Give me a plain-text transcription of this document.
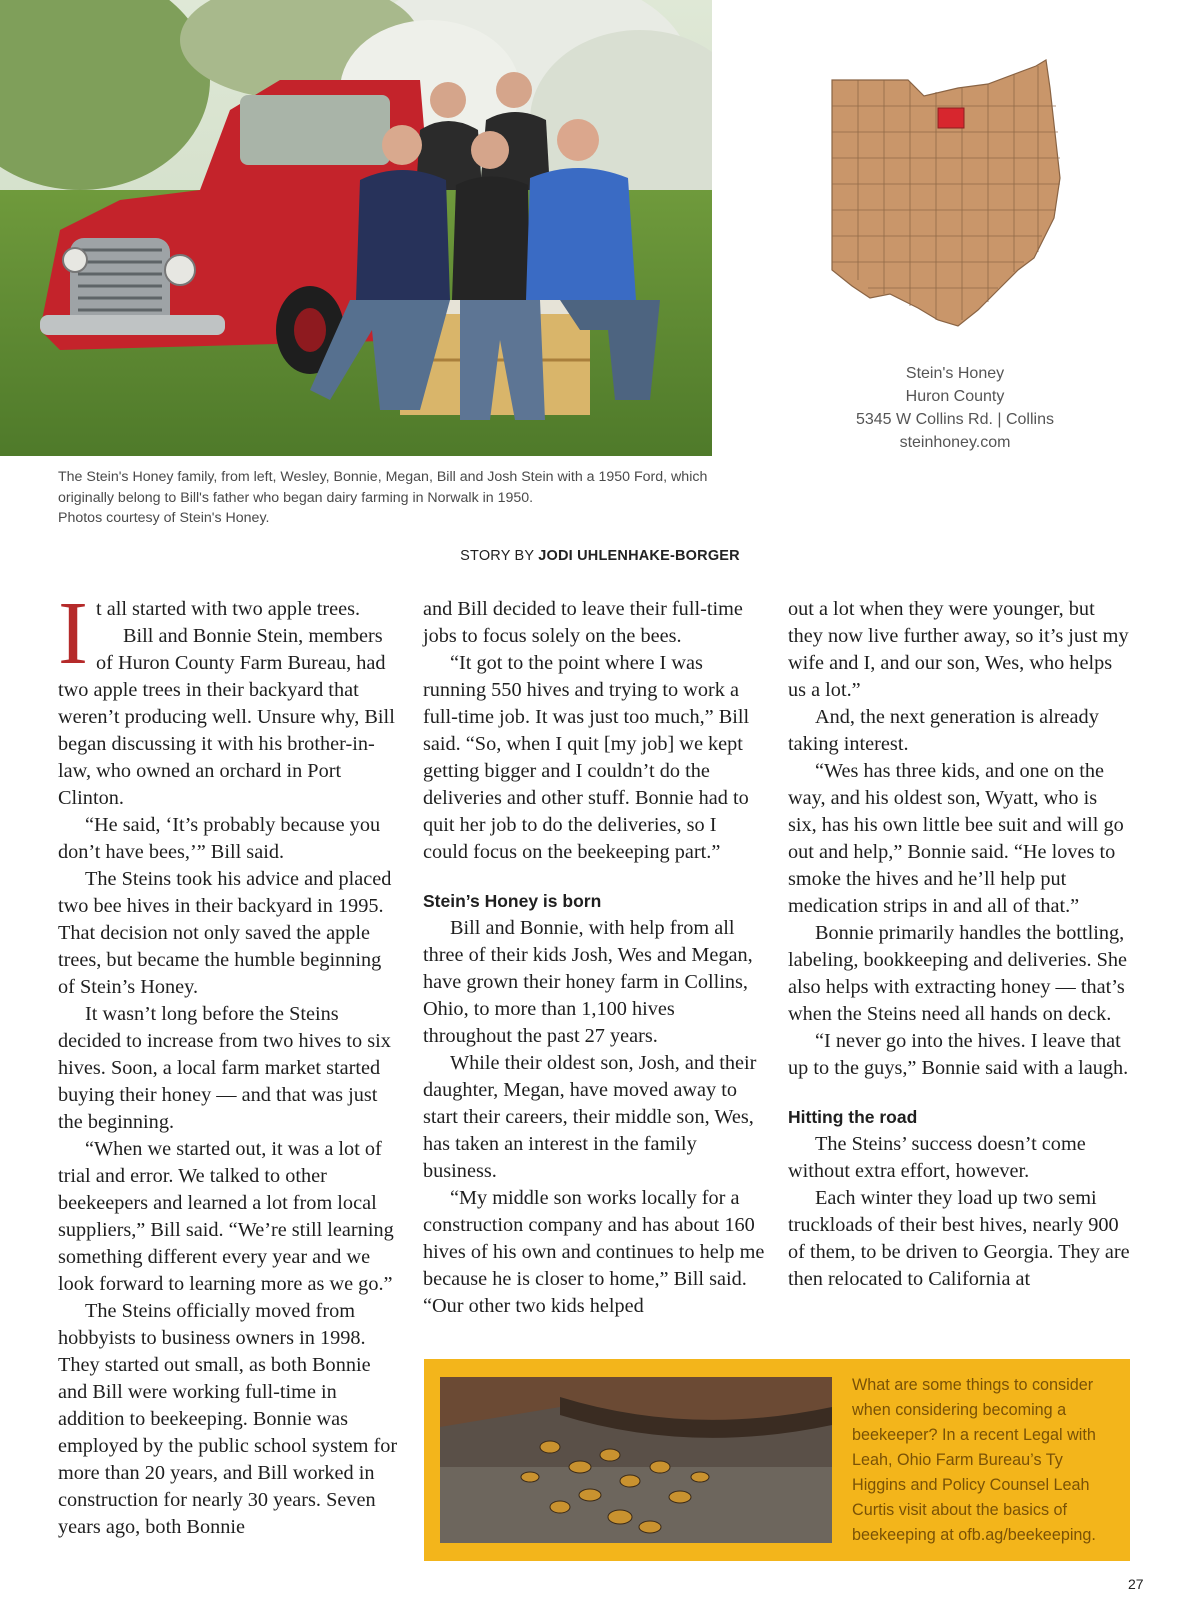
Stein's Honey
Huron County
5345 W Collins Rd. | Collins
steinhoney.com
The Stein's Honey family, from left, Wesley, Bonnie, Megan, Bill and Josh Stein with a 1950 Ford, which
originally belong to Bill's father who began dairy farming in Norwalk in 1950.
Photos courtesy of Stein's Honey.
STORY BY JODI UHLENHAKE-BORGER

It all started with two apple trees.
Bill and Bonnie Stein, members
of Huron County Farm Bureau, had two apple trees in their backyard that weren’t producing well. Unsure why, Bill began discussing it with his brother-in-law, who owned an orchard in Port Clinton.

“He said, ‘It’s probably because you don’t have bees,’” Bill said.

The Steins took his advice and placed two bee hives in their backyard in 1995. That decision not only saved the apple trees, but became the humble beginning of Stein’s Honey.

It wasn’t long before the Steins decided to increase from two hives to six hives. Soon, a local farm market started buying their honey — and that was just the beginning.

“When we started out, it was a lot of trial and error. We talked to other beekeepers and learned a lot from local suppliers,” Bill said. “We’re still learning something different every year and we look forward to learning more as we go.”

The Steins officially moved from hobbyists to business owners in 1998. They started out small, as both Bonnie and Bill were working full-time in addition to beekeeping. Bonnie was employed by the public school system for more than 20 years, and Bill worked in construction for nearly 30 years. Seven years ago, both Bonnie

and Bill decided to leave their full-time jobs to focus solely on the bees.

“It got to the point where I was running 550 hives and trying to work a full-time job. It was just too much,” Bill said. “So, when I quit [my job] we kept getting bigger and I couldn’t do the deliveries and other stuff. Bonnie had to quit her job to do the deliveries, so I could focus on the beekeeping part.”

Stein’s Honey is born

Bill and Bonnie, with help from all three of their kids Josh, Wes and Megan, have grown their honey farm in Collins, Ohio, to more than 1,100 hives throughout the past 27 years.

While their oldest son, Josh, and their daughter, Megan, have moved away to start their careers, their middle son, Wes, has taken an interest in the family business.

“My middle son works locally for a construction company and has about 160 hives of his own and continues to help me because he is closer to home,” Bill said. “Our other two kids helped

out a lot when they were younger, but they now live further away, so it’s just my wife and I, and our son, Wes, who helps us a lot.”

And, the next generation is already taking interest.

“Wes has three kids, and one on the way, and his oldest son, Wyatt, who is six, has his own little bee suit and will go out and help,” Bonnie said. “He loves to smoke the hives and he’ll help put medication strips in and all of that.”

Bonnie primarily handles the bottling, labeling, bookkeeping and deliveries. She also helps with extracting honey — that’s when the Steins need all hands on deck.

“I never go into the hives. I leave that up to the guys,” Bonnie said with a laugh.

Hitting the road

The Steins’ success doesn’t come without extra effort, however.

Each winter they load up two semi truckloads of their best hives, nearly 900 of them, to be driven to Georgia. They are then relocated to California at

What are some things to consider when considering becoming a beekeeper? In a recent Legal with Leah, Ohio Farm Bureau’s Ty Higgins and Policy Counsel Leah Curtis visit about the basics of beekeeping at ofb.ag/beekeeping.
27
